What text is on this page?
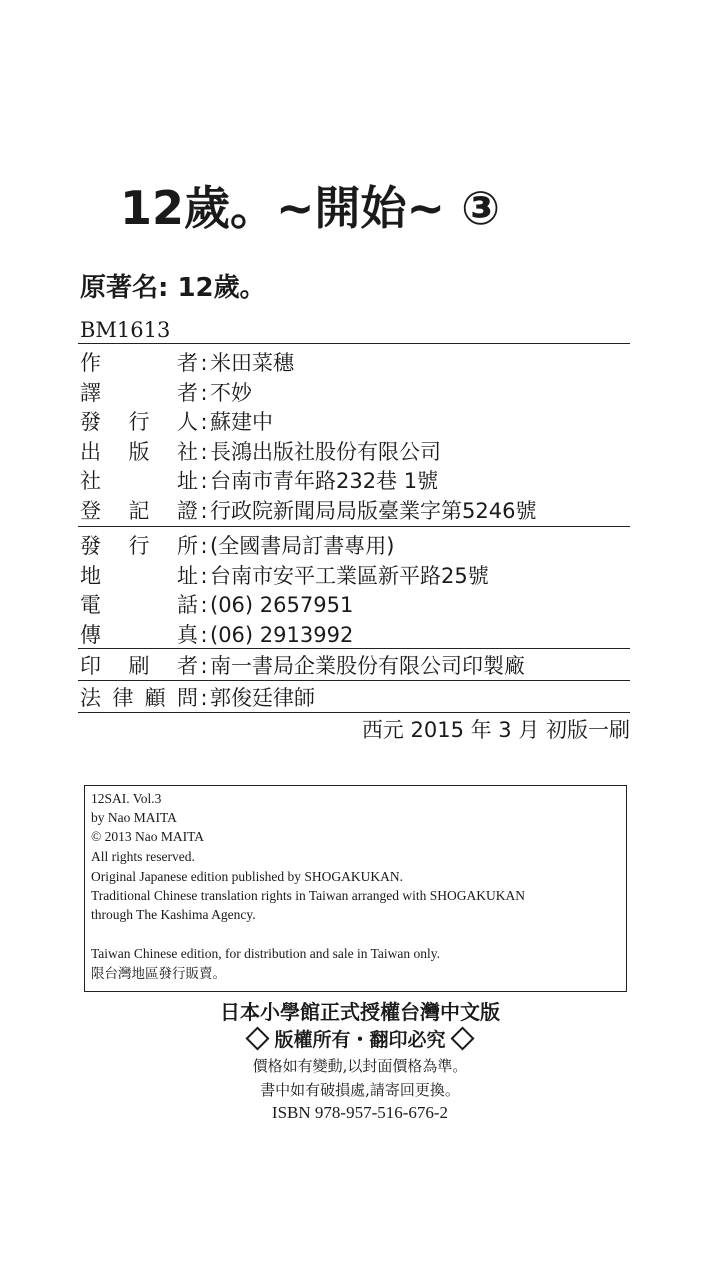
12歲。~開始~ ③
原著名: 12歲。
BM1613
作者 : 米田菜穗
譯者 : 不妙
發行人 : 蘇建中
出版社 : 長鴻出版社股份有限公司
社址 : 台南市青年路232巷 1號
登記證 : 行政院新聞局局版臺業字第5246號
發行所 : (全國書局訂書專用)
地址 : 台南市安平工業區新平路25號
電話 : (06) 2657951
傳真 : (06) 2913992
印刷者 : 南一書局企業股份有限公司印製廠
法律顧問 : 郭俊廷律師
西元 2015 年 3 月 初版一刷
12SAI. Vol.3
by Nao MAITA
© 2013 Nao MAITA
All rights reserved.
Original Japanese edition published by SHOGAKUKAN.
Traditional Chinese translation rights in Taiwan arranged with SHOGAKUKAN
through The Kashima Agency.
Taiwan Chinese edition, for distribution and sale in Taiwan only.
限台灣地區發行販賣。
日本小學館正式授權台灣中文版
版權所有・翻印必究
價格如有變動,以封面價格為準。
書中如有破損處,請寄回更換。
ISBN 978-957-516-676-2
